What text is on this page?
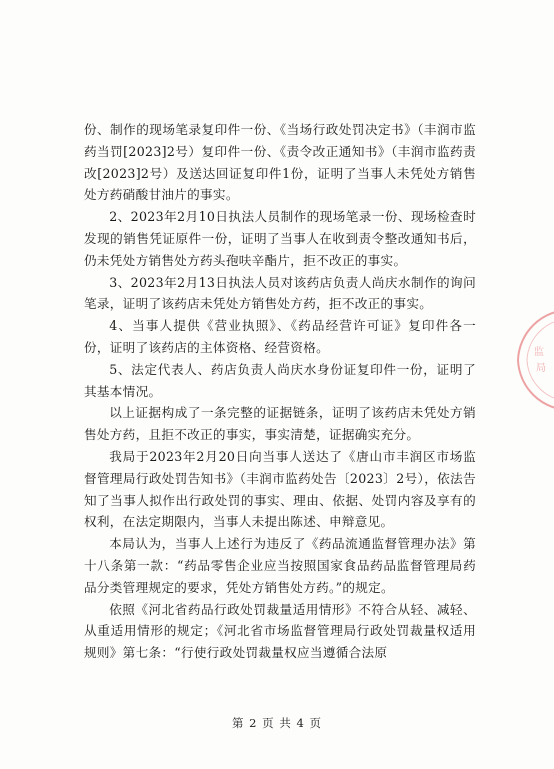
份、制作的现场笔录复印件一份、《当场行政处罚决定书》（丰润市监药当罚[2023]2号）复印件一份、《责令改正通知书》（丰润市监药责改[2023]2号）及送达回证复印件1份，证明了当事人未凭处方销售处方药硝酸甘油片的事实。

2、2023年2月10日执法人员制作的现场笔录一份、现场检查时发现的销售凭证原件一份，证明了当事人在收到责令整改通知书后，仍未凭处方销售处方药头孢呋辛酯片，拒不改正的事实。

3、2023年2月13日执法人员对该药店负责人尚庆水制作的询问笔录，证明了该药店未凭处方销售处方药，拒不改正的事实。

4、当事人提供《营业执照》、《药品经营许可证》复印件各一份，证明了该药店的主体资格、经营资格。

5、法定代表人、药店负责人尚庆水身份证复印件一份，证明了其基本情况。

以上证据构成了一条完整的证据链条，证明了该药店未凭处方销售处方药，且拒不改正的事实，事实清楚，证据确实充分。

我局于2023年2月20日向当事人送达了《唐山市丰润区市场监督管理局行政处罚告知书》（丰润市监药处告〔2023〕2号），依法告知了当事人拟作出行政处罚的事实、理由、依据、处罚内容及享有的权利，在法定期限内，当事人未提出陈述、申辩意见。

本局认为，当事人上述行为违反了《药品流通监督管理办法》第十八条第一款：“药品零售企业应当按照国家食品药品监督管理局药品分类管理规定的要求，凭处方销售处方药。”的规定。

依照《河北省药品行政处罚裁量适用情形》不符合从轻、减轻、从重适用情形的规定；《河北省市场监督管理局行政处罚裁量权适用规则》第七条：“行使行政处罚裁量权应当遵循合法原

监
局
第 2 页 共 4 页
